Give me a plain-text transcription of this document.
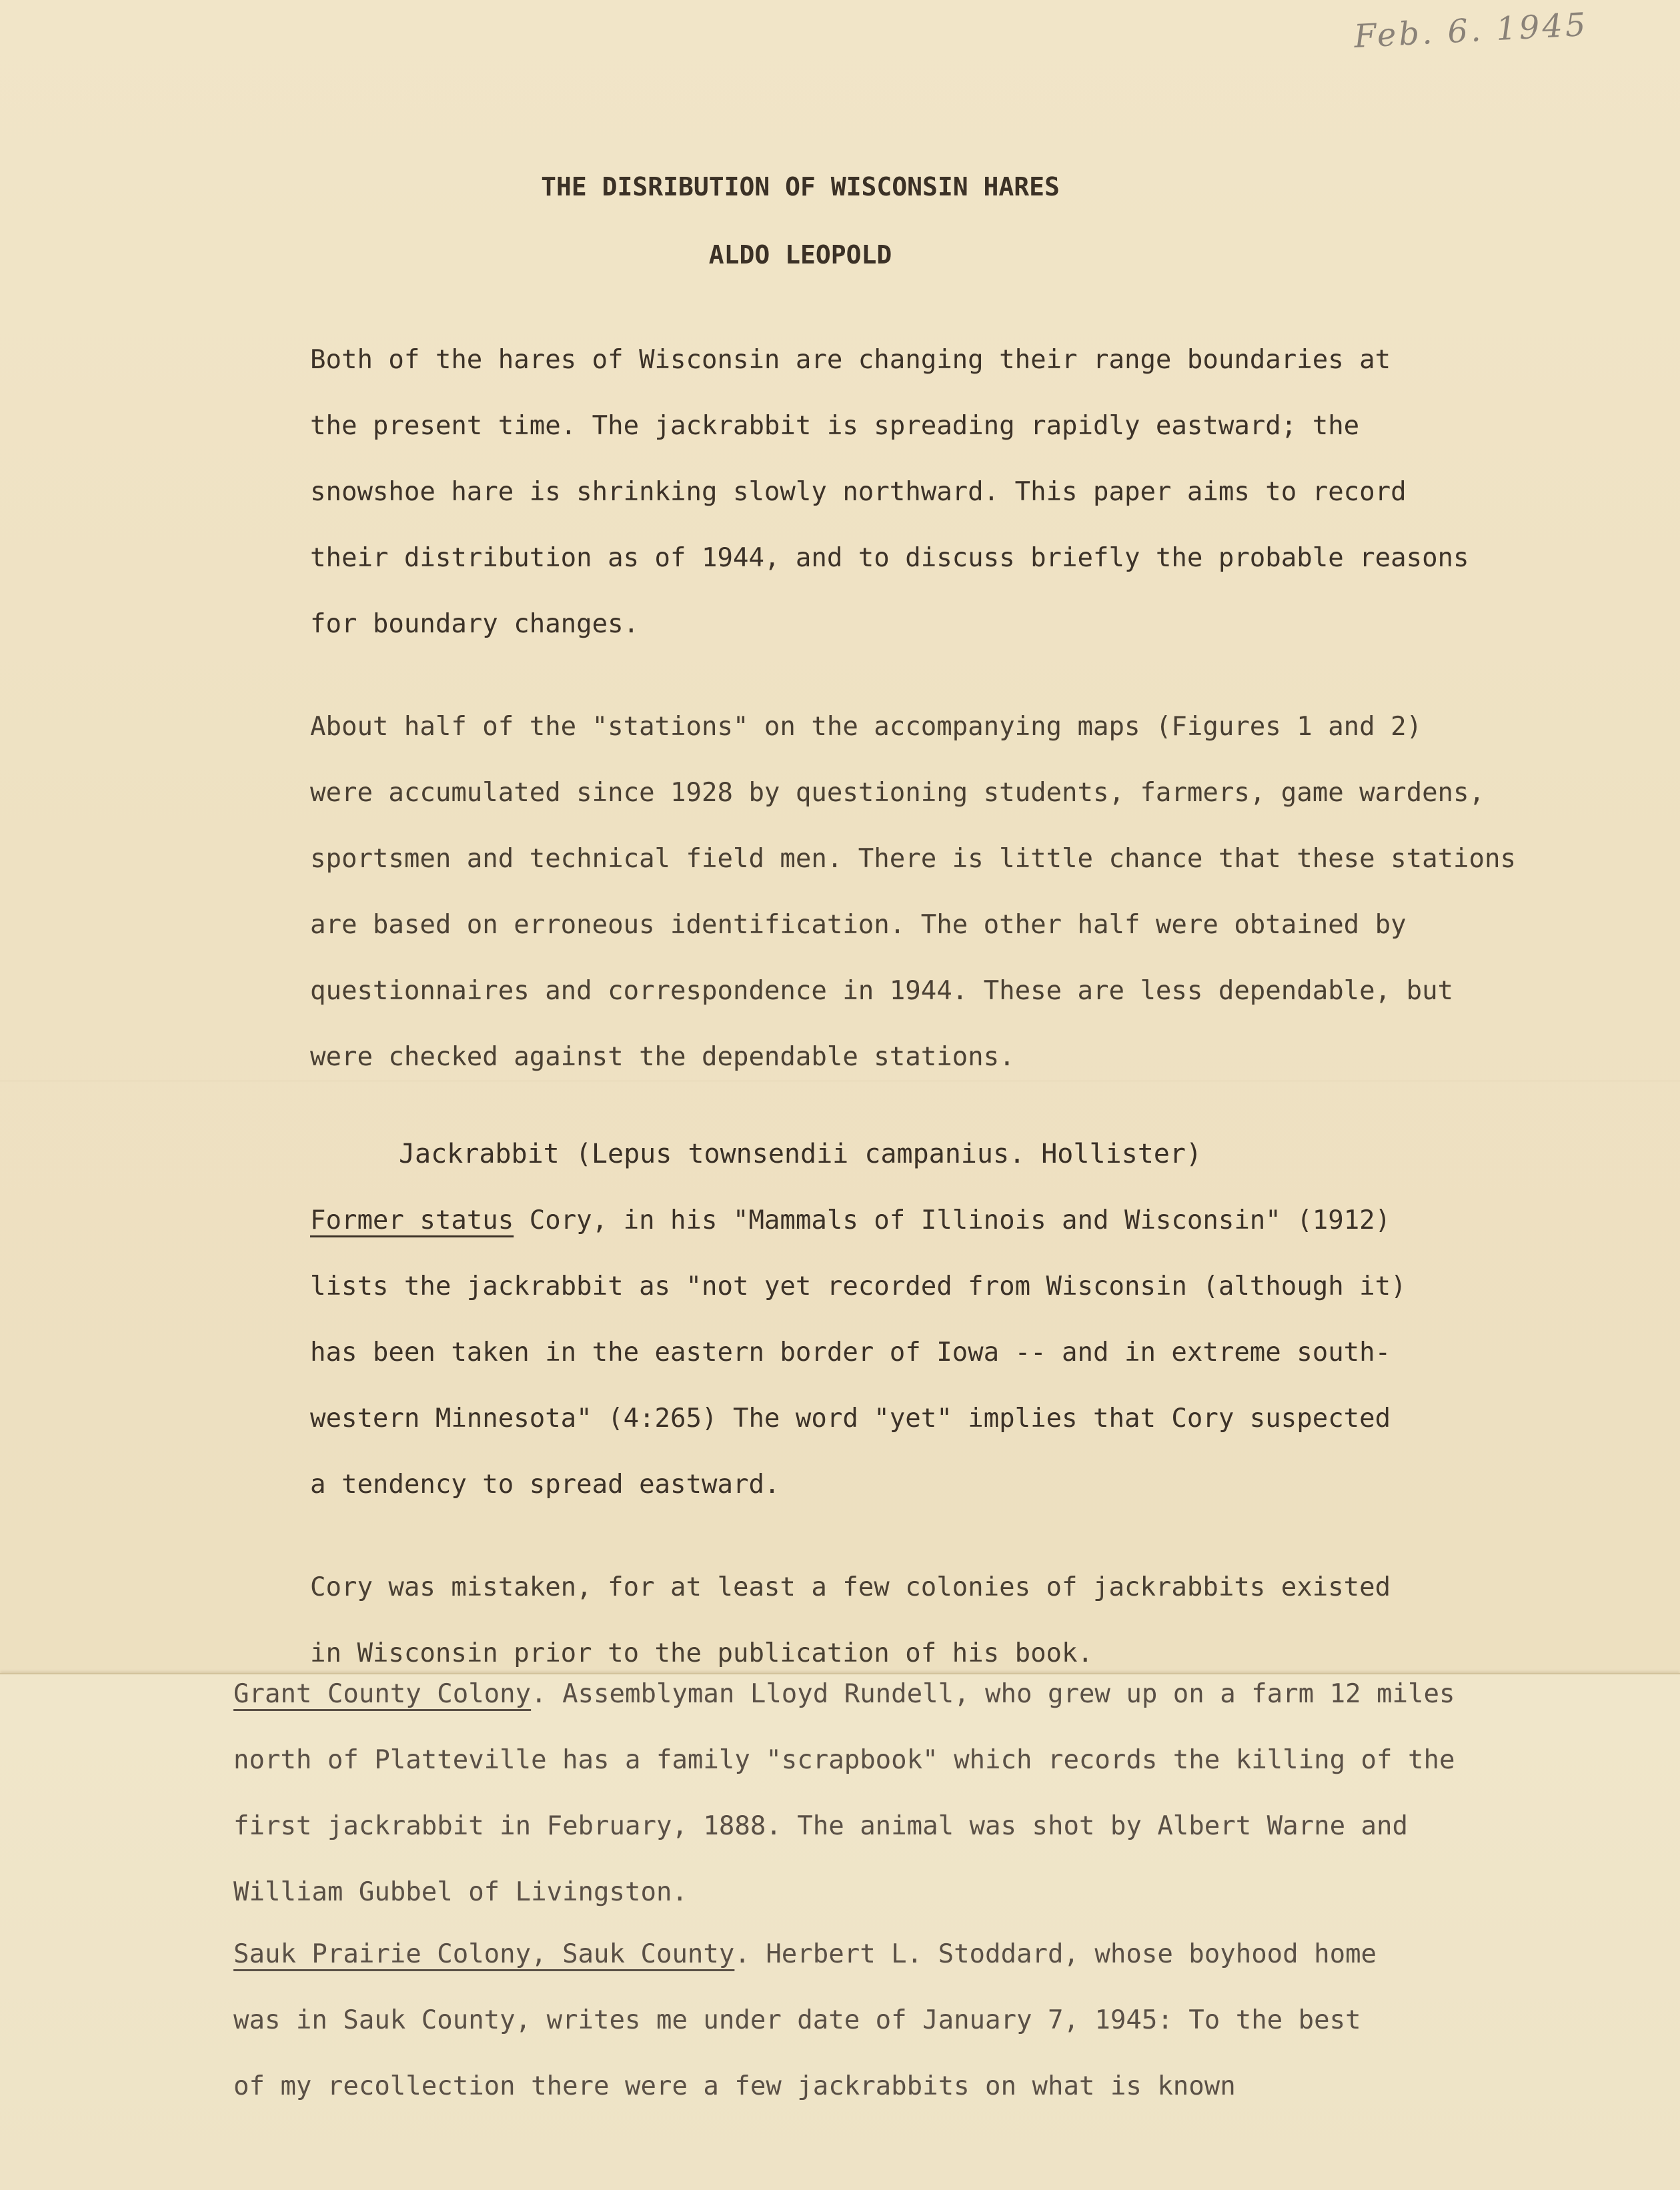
Feb. 6. 1945
THE DISRIBUTION OF WISCONSIN HARES
ALDO LEOPOLD
Both of the hares of Wisconsin are changing their range boundaries at
the present time. The jackrabbit is spreading rapidly eastward; the
snowshoe hare is shrinking slowly northward. This paper aims to record
their distribution as of 1944, and to discuss briefly the probable reasons
for boundary changes.
About half of the "stations" on the accompanying maps (Figures 1 and 2)
were accumulated since 1928 by questioning students, farmers, game wardens,
sportsmen and technical field men. There is little chance that these stations
are based on erroneous identification. The other half were obtained by
questionnaires and correspondence in 1944. These are less dependable, but
were checked against the dependable stations.
Jackrabbit (Lepus townsendii campanius. Hollister)
Former status Cory, in his "Mammals of Illinois and Wisconsin" (1912)
lists the jackrabbit as "not yet recorded from Wisconsin (although it)
has been taken in the eastern border of Iowa -- and in extreme south-
western Minnesota" (4:265) The word "yet" implies that Cory suspected
a tendency to spread eastward.
Cory was mistaken, for at least a few colonies of jackrabbits existed
in Wisconsin prior to the publication of his book.
Grant County Colony. Assemblyman Lloyd Rundell, who grew up on a farm 12 miles
north of Platteville has a family "scrapbook" which records the killing of the
first jackrabbit in February, 1888. The animal was shot by Albert Warne and
William Gubbel of Livingston.
Sauk Prairie Colony, Sauk County. Herbert L. Stoddard, whose boyhood home
was in Sauk County, writes me under date of January 7, 1945: To the best
of my recollection there were a few jackrabbits on what is known
